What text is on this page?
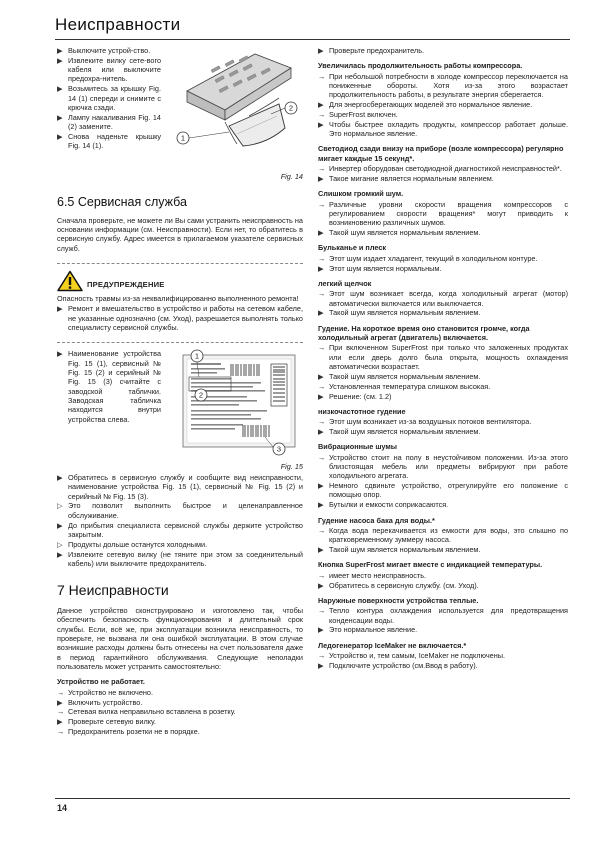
Неисправности
▶ Выключите устрой-ство.
▶ Извлеките вилку сете-вого кабеля или выключите предохра-нитель.
▶ Возьмитесь за крышку Fig. 14 (1) спереди и снимите с крючка сзади.
▶ Лампу накаливания Fig. 14 (2) замените.
▶ Снова наденьте крышку Fig. 14 (1).
1
2
Fig. 14
6.5 Сервисная служба
Сначала проверьте, не можете ли Вы сами устранить неисправность на основании информации (см. Неисправности). Если нет, то обратитесь в сервисную службу. Адрес имеется в прилагаемом указателе сервисных служб.
ПРЕДУПРЕЖДЕНИЕ
Опасность травмы из-за неквалифицированно выполненного ремонта!
▶ Ремонт и вмешательство в устройство и работы на сетевом кабеле, не указанные однозначно (см. Уход), разрешается выполнять только специалисту сервисной службы.
▶ Наименование устройства Fig. 15 (1), сервисный № Fig. 15 (2) и серийный № Fig. 15 (3) считайте с заводской таблички. Заводская табличка находится внутри устройства слева.
1
2
3
Fig. 15
▶ Обратитесь в сервисную службу и сообщите вид неисправности, наименование устройства Fig. 15 (1), сервисный № Fig. 15 (2) и серийный № Fig. 15 (3).
▷ Это позволит выполнить быстрое и целенаправленное обслуживание.
▶ До прибытия специалиста сервисной службы держите устройство закрытым.
▷ Продукты дольше останутся холодными.
▶ Извлеките сетевую вилку (не тяните при этом за соединительный кабель) или выключите предохранитель.
7 Неисправности
Данное устройство сконструировано и изготовлено так, чтобы обеспечить безопасность функционирования и длительный срок службы. Если, всё же, при эксплуатации возникла неисправность, то проверьте, не вызвана ли она ошибкой эксплуатации. В этом случае возникшие расходы должны быть отнесены на счет пользователя даже в период гарантийного обслуживания. Следующие неполадки пользователь может устранить самостоятельно:
Устройство не работает.
→ Устройство не включено.
▶ Включить устройство.
→ Сетевая вилка неправильно вставлена в розетку.
▶ Проверьте сетевую вилку.
→ Предохранитель розетки не в порядке.
▶ Проверьте предохранитель.
Увеличилась продолжительность работы компрессора.
→ При небольшой потребности в холоде компрессор переключается на пониженные обороты. Хотя из-за этого возрастает продолжительность работы, в результате энергия сберегается.
▶ Для энергосберегающих моделей это нормальное явление.
→ SuperFrost включен.
▶ Чтобы быстрее охладить продукты, компрессор работает дольше. Это нормальное явление.
Светодиод сзади внизу на приборе (возле компрессора) регулярно мигает каждые 15 секунд*.
→ Инвертер оборудован светодиодной диагностикой неисправностей*.
▶ Такое мигание является нормальным явлением.
Слишком громкий шум.
→ Различные уровни скорости вращения компрессоров с регулированием скорости вращения* могут приводить к возникновению различных шумов.
▶ Такой шум является нормальным явлением.
Бульканье и плеск
→ Этот шум издает хладагент, текущий в холодильном контуре.
▶ Этот шум является нормальным.
легкий щелчок
→ Этот шум возникает всегда, когда холодильный агрегат (мотор) автоматически включается или выключается.
▶ Такой шум является нормальным явлением.
Гудение. На короткое время оно становится громче, когда холодильный агрегат (двигатель) включается.
→ При включенном SuperFrost при только что заложенных продуктах или если дверь долго была открыта, мощность охлаждения автоматически возрастает.
▶ Такой шум является нормальным явлением.
→ Установленная температура слишком высокая.
▶ Решение: (см. 1.2)
низкочастотное гудение
→ Этот шум возникает из-за воздушных потоков вентилятора.
▶ Такой шум является нормальным явлением.
Вибрационные шумы
→ Устройство стоит на полу в неустойчивом положении. Из-за этого близстоящая мебель или предметы вибрируют при работе холодильного агрегата.
▶ Немного сдвиньте устройство, отрегулируйте его положение с помощью опор.
▶ Бутылки и емкости соприкасаются.
Гудение насоса бака для воды.*
→ Когда вода перекачивается из емкости для воды, это слышно по кратковременному зуммеру насоса.
▶ Такой шум является нормальным явлением.
Кнопка SuperFrost мигает вместе с индикацией температуры.
→ имеет место неисправность.
▶ Обратитесь в сервисную службу. (см. Уход).
Наружные поверхности устройства теплые.
→ Тепло контура охлаждения используется для предотвращения конденсации воды.
▶ Это нормальное явление.
Ледогенератор IceMaker не включается.*
→ Устройство и, тем самым, IceMaker не подключены.
▶ Подключите устройство (см.Ввод в работу).
14
